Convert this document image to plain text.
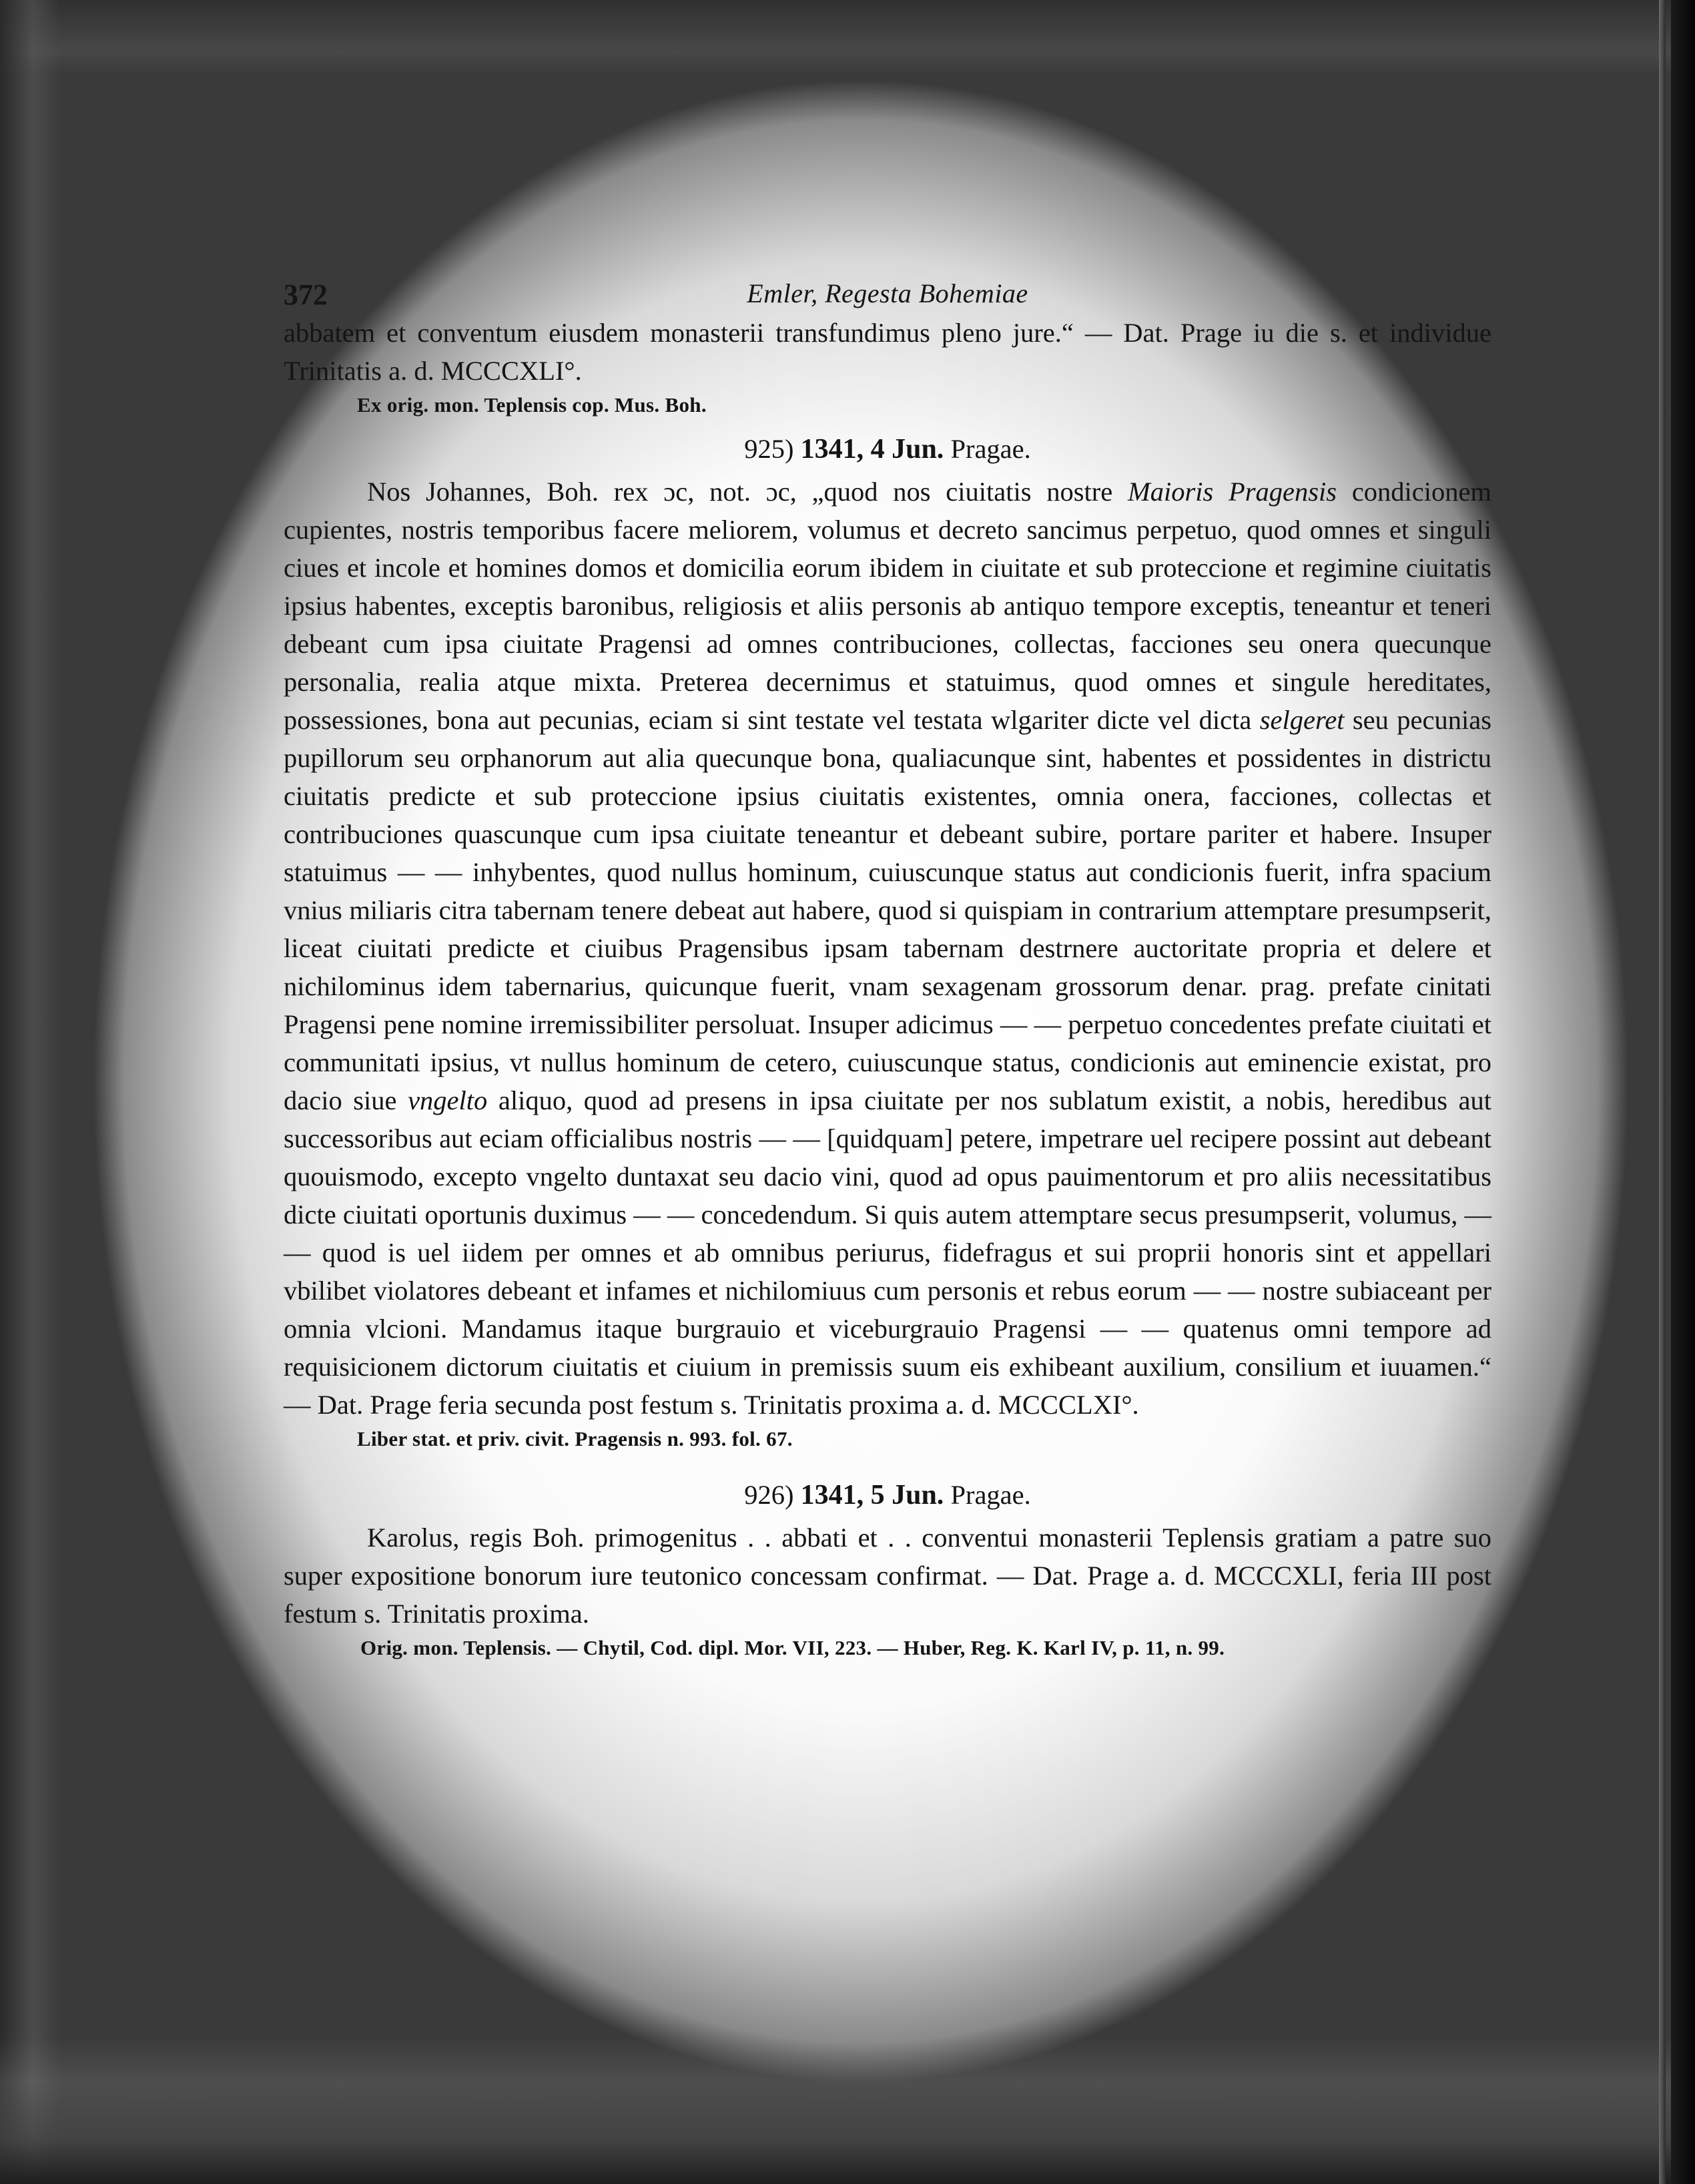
372	Emler, Regesta Bohemiae

abbatem et conventum eiusdem monasterii transfundimus pleno jure.“ — Dat. Prage iu die s. et individue Trinitatis a. d. MCCCXLI°.

Ex orig. mon. Teplensis cop. Mus. Boh.

925) 1341, 4 Jun. Pragae.

Nos Johannes, Boh. rex ɔc, not. ɔc, „quod nos ciuitatis nostre Maioris Pragensis condicionem cupientes, nostris temporibus facere meliorem, volumus et decreto sancimus perpetuo, quod omnes et singuli ciues et incole et homines domos et domicilia eorum ibidem in ciuitate et sub proteccione et regimine ciuitatis ipsius habentes, exceptis baronibus, religiosis et aliis personis ab antiquo tempore exceptis, teneantur et teneri debeant cum ipsa ciuitate Pragensi ad omnes contribuciones, collectas, facciones seu onera quecunque personalia, realia atque mixta. Preterea decernimus et statuimus, quod omnes et singule hereditates, possessiones, bona aut pecunias, eciam si sint testate vel testata wlgariter dicte vel dicta selgeret seu pecunias pupillorum seu orphanorum aut alia quecunque bona, qualiacunque sint, habentes et possidentes in districtu ciuitatis predicte et sub proteccione ipsius ciuitatis existentes, omnia onera, facciones, collectas et contribuciones quascunque cum ipsa ciuitate teneantur et debeant subire, portare pariter et habere. Insuper statuimus — — inhybentes, quod nullus hominum, cuiuscunque status aut condicionis fuerit, infra spacium vnius miliaris citra tabernam tenere debeat aut habere, quod si quispiam in contrarium attemptare presumpserit, liceat ciuitati predicte et ciuibus Pragensibus ipsam tabernam destrnere auctoritate propria et delere et nichilominus idem tabernarius, quicunque fuerit, vnam sexagenam grossorum denar. prag. prefate cinitati Pragensi pene nomine irremissibiliter persoluat. Insuper adicimus — — perpetuo concedentes prefate ciuitati et communitati ipsius, vt nullus hominum de cetero, cuiuscunque status, condicionis aut eminencie existat, pro dacio siue vngelto aliquo, quod ad presens in ipsa ciuitate per nos sublatum existit, a nobis, heredibus aut successoribus aut eciam officialibus nostris — — [quidquam] petere, impetrare uel recipere possint aut debeant quouismodo, excepto vngelto duntaxat seu dacio vini, quod ad opus pauimentorum et pro aliis necessitatibus dicte ciuitati oportunis duximus — — concedendum. Si quis autem attemptare secus presumpserit, volumus, — — quod is uel iidem per omnes et ab omnibus periurus, fidefragus et sui proprii honoris sint et appellari vbilibet violatores debeant et infames et nichilomiuus cum personis et rebus eorum — — nostre subiaceant per omnia vlcioni. Mandamus itaque burgrauio et viceburgrauio Pragensi — — quatenus omni tempore ad requisicionem dictorum ciuitatis et ciuium in premissis suum eis exhibeant auxilium, consilium et iuuamen.“ — Dat. Prage feria secunda post festum s. Trinitatis proxima a. d. MCCCLXI°.

Liber stat. et priv. civit. Pragensis n. 993. fol. 67.

926) 1341, 5 Jun. Pragae.

Karolus, regis Boh. primogenitus . . abbati et . . conventui monasterii Teplensis gratiam a patre suo super expositione bonorum iure teutonico concessam confirmat. — Dat. Prage a. d. MCCCXLI, feria III post festum s. Trinitatis proxima.

Orig. mon. Teplensis. — Chytil, Cod. dipl. Mor. VII, 223. — Huber, Reg. K. Karl IV, p. 11, n. 99.
